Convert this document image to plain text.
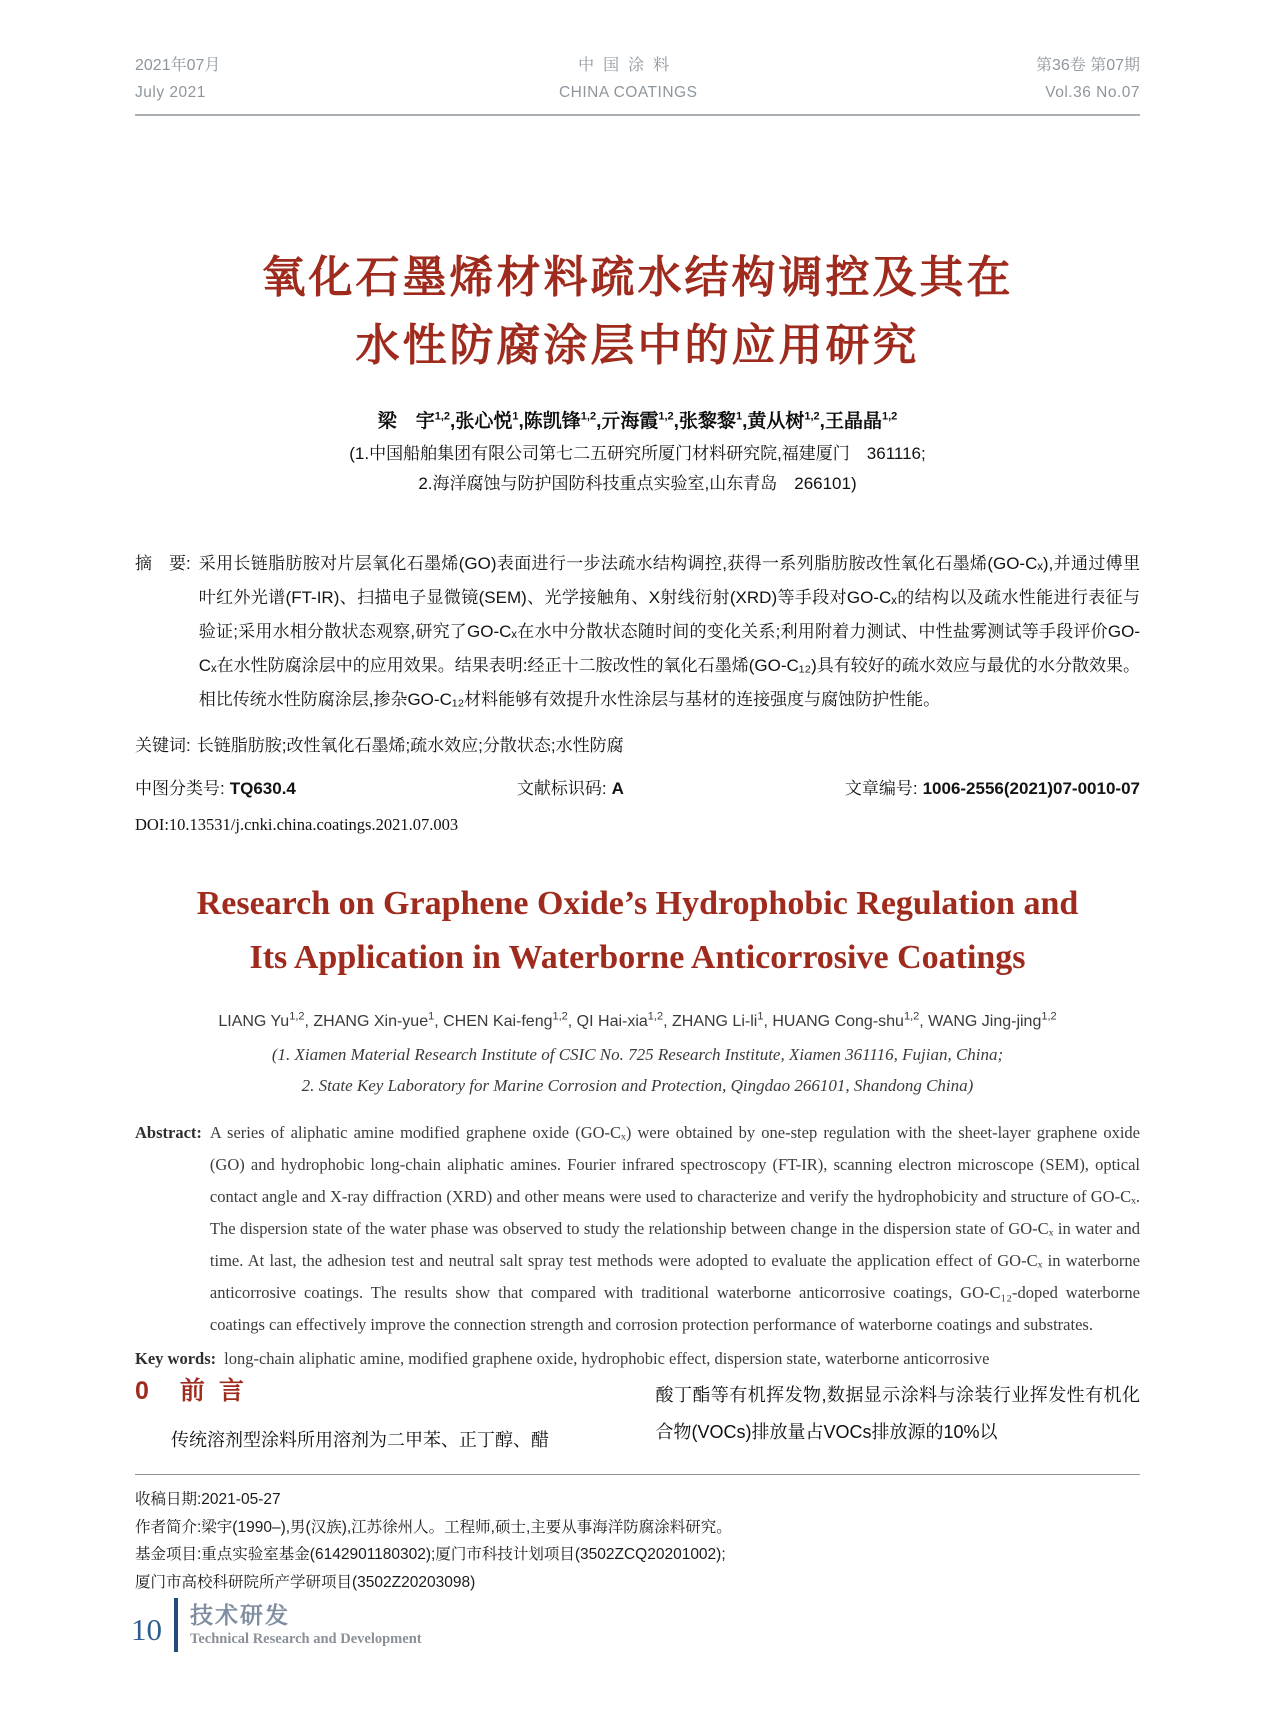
2021年07月
July 2021
中国涂料
CHINA COATINGS
第36卷 第07期
Vol.36 No.07
氧化石墨烯材料疏水结构调控及其在
水性防腐涂层中的应用研究
梁　宇$^{1,2}$,张心悦$^1$,陈凯锋$^{1,2}$,亓海霞$^{1,2}$,张黎黎$^1$,黄从树$^{1,2}$,王晶晶$^{1,2}$
(1.中国船舶集团有限公司第七二五研究所厦门材料研究院,福建厦门　361116;
2.海洋腐蚀与防护国防科技重点实验室,山东青岛　266101)
摘　要: 采用长链脂肪胺对片层氧化石墨烯(GO)表面进行一步法疏水结构调控,获得一系列脂肪胺改性氧化石墨烯(GO-Cₓ),并通过傅里叶红外光谱(FT-IR)、扫描电子显微镜(SEM)、光学接触角、X射线衍射(XRD)等手段对GO-Cₓ的结构以及疏水性能进行表征与验证;采用水相分散状态观察,研究了GO-Cₓ在水中分散状态随时间的变化关系;利用附着力测试、中性盐雾测试等手段评价GO-Cₓ在水性防腐涂层中的应用效果。结果表明:经正十二胺改性的氧化石墨烯(GO-C₁₂)具有较好的疏水效应与最优的水分散效果。相比传统水性防腐涂层,掺杂GO-C₁₂材料能够有效提升水性涂层与基材的连接强度与腐蚀防护性能。
关键词: 长链脂肪胺;改性氧化石墨烯;疏水效应;分散状态;水性防腐
中图分类号: TQ630.4	文献标识码: A	文章编号: 1006-2556(2021)07-0010-07
DOI:10.13531/j.cnki.china.coatings.2021.07.003
Research on Graphene Oxide’s Hydrophobic Regulation and
Its Application in Waterborne Anticorrosive Coatings
LIANG Yu$^{1,2}$, ZHANG Xin-yue$^1$, CHEN Kai-feng$^{1,2}$, QI Hai-xia$^{1,2}$, ZHANG $Li-li^1$, HUANG Cong-shu$^{1,2}$, WANG Jing-jing$^{1,2}$
(1. Xiamen Material Research Institute of CSIC No. 725 Research Institute, Xiamen 361116, Fujian, China;
2. State Key Laboratory for Marine Corrosion and Protection, Qingdao 266101, Shandong China)
Abstract: A series of aliphatic amine modified graphene oxide (GO-Cₓ) were obtained by one-step regulation with the sheet-layer graphene oxide (GO) and hydrophobic long-chain aliphatic amines. Fourier infrared spectroscopy (FT-IR), scanning electron microscope (SEM), optical contact angle and X-ray diffraction (XRD) and other means were used to characterize and verify the hydrophobicity and structure of GO-Cₓ. The dispersion state of the water phase was observed to study the relationship between change in the dispersion state of GO-Cₓ in water and time. At last, the adhesion test and neutral salt spray test methods were adopted to evaluate the application effect of GO-Cₓ in waterborne anticorrosive coatings. The results show that compared with traditional waterborne anticorrosive coatings, GO-C₁₂-doped waterborne coatings can effectively improve the connection strength and corrosion protection performance of waterborne coatings and substrates.
Key words: long-chain aliphatic amine, modified graphene oxide, hydrophobic effect, dispersion state, waterborne anticorrosive
0 前言

传统溶剂型涂料所用溶剂为二甲苯、正丁醇、醋

酸丁酯等有机挥发物,数据显示涂料与涂装行业挥发性有机化合物(VOCs)排放量占VOCs排放源的10%以

收稿日期:2021-05-27
作者简介:梁宇(1990–),男(汉族),江苏徐州人。工程师,硕士,主要从事海洋防腐涂料研究。
基金项目:重点实验室基金(6142901180302);厦门市科技计划项目(3502ZCQ20201002);
厦门市高校科研院所产学研项目(3502Z20203098)
10 技术研发
Technical Research and Development
